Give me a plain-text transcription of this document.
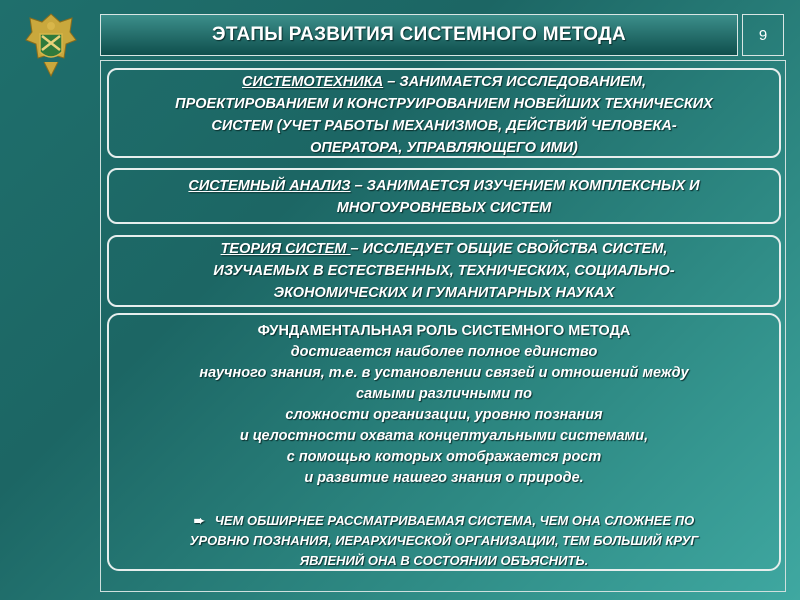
ЭТАПЫ РАЗВИТИЯ СИСТЕМНОГО МЕТОДА	9
СИСТЕМОТЕХНИКА – ЗАНИМАЕТСЯ ИССЛЕДОВАНИЕМ,
ПРОЕКТИРОВАНИЕМ И КОНСТРУИРОВАНИЕМ НОВЕЙШИХ ТЕХНИЧЕСКИХ
СИСТЕМ (УЧЕТ РАБОТЫ МЕХАНИЗМОВ, ДЕЙСТВИЙ ЧЕЛОВЕКА-
ОПЕРАТОРА, УПРАВЛЯЮЩЕГО ИМИ)
СИСТЕМНЫЙ АНАЛИЗ – ЗАНИМАЕТСЯ ИЗУЧЕНИЕМ КОМПЛЕКСНЫХ И
МНОГОУРОВНЕВЫХ СИСТЕМ
ТЕОРИЯ СИСТЕМ – ИССЛЕДУЕТ ОБЩИЕ СВОЙСТВА СИСТЕМ,
ИЗУЧАЕМЫХ В ЕСТЕСТВЕННЫХ, ТЕХНИЧЕСКИХ, СОЦИАЛЬНО-
ЭКОНОМИЧЕСКИХ И ГУМАНИТАРНЫХ НАУКАХ
ФУНДАМЕНТАЛЬНАЯ РОЛЬ СИСТЕМНОГО МЕТОДА
достигается наиболее полное единство
научного знания, т.е. в установлении связей и отношений между
самыми различными по
сложности организации, уровню познания
и целостности охвата концептуальными системами,
с помощью которых отображается рост
и развитие нашего знания о природе.
➨ ЧЕМ ОБШИРНЕЕ РАССМАТРИВАЕМАЯ СИСТЕМА, ЧЕМ ОНА СЛОЖНЕЕ ПО
УРОВНЮ ПОЗНАНИЯ, ИЕРАРХИЧЕСКОЙ ОРГАНИЗАЦИИ, ТЕМ БОЛЬШИЙ КРУГ
ЯВЛЕНИЙ ОНА В СОСТОЯНИИ ОБЪЯСНИТЬ.
